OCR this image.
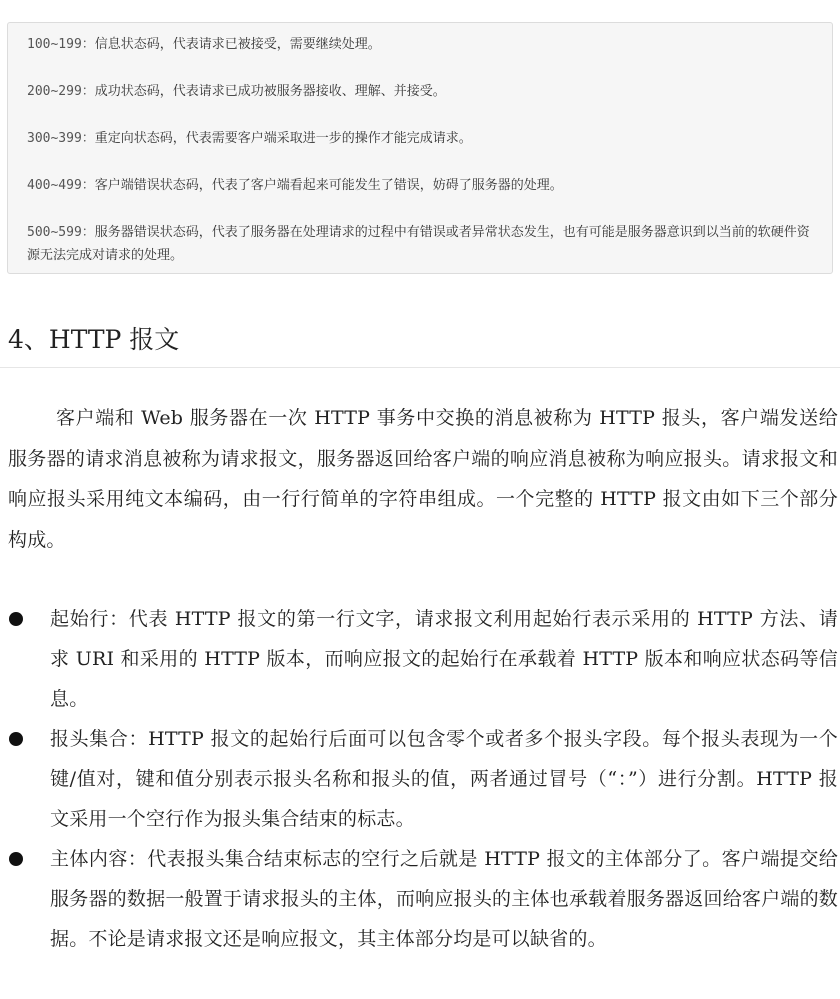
100~199：信息状态码，代表请求已被接受，需要继续处理。

200~299：成功状态码，代表请求已成功被服务器接收、理解、并接受。

300~399：重定向状态码，代表需要客户端采取进一步的操作才能完成请求。

400~499：客户端错误状态码，代表了客户端看起来可能发生了错误，妨碍了服务器的处理。

500~599：服务器错误状态码，代表了服务器在处理请求的过程中有错误或者异常状态发生，也有可能是服务器意识到以当前的软硬件资源无法完成对请求的处理。

4、HTTP 报文

客户端和 Web 服务器在一次 HTTP 事务中交换的消息被称为 HTTP 报头，客户端发送给服务器的请求消息被称为请求报文，服务器返回给客户端的响应消息被称为响应报头。请求报文和响应报头采用纯文本编码，由一行行简单的字符串组成。一个完整的 HTTP 报文由如下三个部分构成。

起始行：代表 HTTP 报文的第一行文字，请求报文利用起始行表示采用的 HTTP 方法、请求 URI 和采用的 HTTP 版本，而响应报文的起始行在承载着 HTTP 版本和响应状态码等信息。
报头集合：HTTP 报文的起始行后面可以包含零个或者多个报头字段。每个报头表现为一个键/值对，键和值分别表示报头名称和报头的值，两者通过冒号（“：”）进行分割。HTTP 报文采用一个空行作为报头集合结束的标志。
主体内容：代表报头集合结束标志的空行之后就是 HTTP 报文的主体部分了。客户端提交给服务器的数据一般置于请求报头的主体，而响应报头的主体也承载着服务器返回给客户端的数据。不论是请求报文还是响应报文，其主体部分均是可以缺省的。
